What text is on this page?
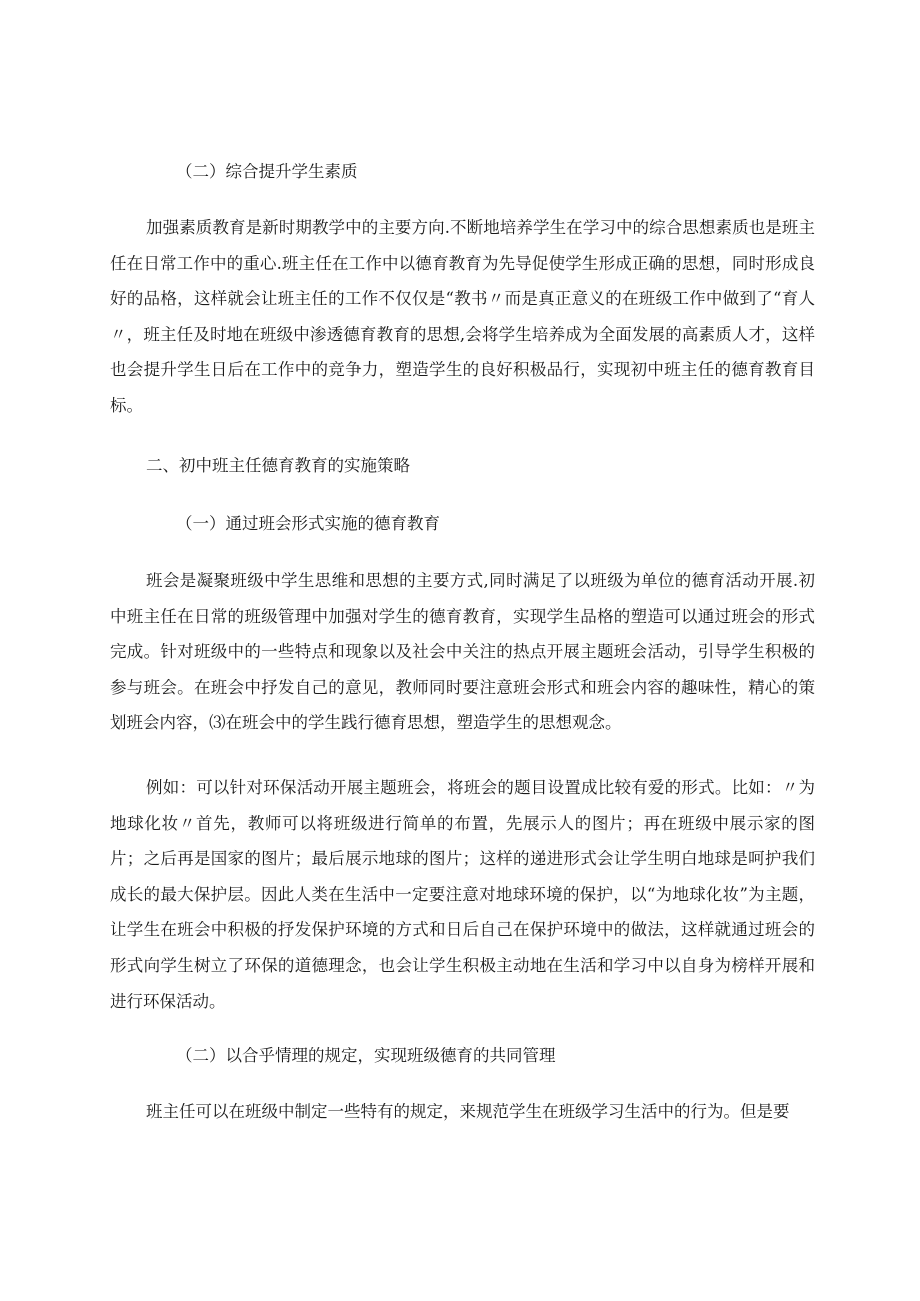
（二）综合提升学生素质

加强素质教育是新时期教学中的主要方向.不断地培养学生在学习中的综合思想素质也是班主任在日常工作中的重心.班主任在工作中以德育教育为先导促使学生形成正确的思想，同时形成良好的品格，这样就会让班主任的工作不仅仅是“教书〃而是真正意义的在班级工作中做到了“育人〃，班主任及时地在班级中渗透德育教育的思想,会将学生培养成为全面发展的高素质人才，这样也会提升学生日后在工作中的竞争力，塑造学生的良好积极品行，实现初中班主任的德育教育目标。

二、初中班主任德育教育的实施策略
（一）通过班会形式实施的德育教育

班会是凝聚班级中学生思维和思想的主要方式,同时满足了以班级为单位的德育活动开展.初中班主任在日常的班级管理中加强对学生的德育教育，实现学生品格的塑造可以通过班会的形式完成。针对班级中的一些特点和现象以及社会中关注的热点开展主题班会活动，引导学生积极的参与班会。在班会中抒发自己的意见，教师同时要注意班会形式和班会内容的趣味性，精心的策划班会内容，⑶在班会中的学生践行德育思想，塑造学生的思想观念。

例如：可以针对环保活动开展主题班会，将班会的题目设置成比较有爱的形式。比如：〃为地球化妆〃首先，教师可以将班级进行简单的布置，先展示人的图片；再在班级中展示家的图片；之后再是国家的图片；最后展示地球的图片；这样的递进形式会让学生明白地球是呵护我们成长的最大保护层。因此人类在生活中一定要注意对地球环境的保护，以“为地球化妆”为主题，让学生在班会中积极的抒发保护环境的方式和日后自己在保护环境中的做法，这样就通过班会的形式向学生树立了环保的道德理念，也会让学生积极主动地在生活和学习中以自身为榜样开展和进行环保活动。

（二）以合乎情理的规定，实现班级德育的共同管理

班主任可以在班级中制定一些特有的规定，来规范学生在班级学习生活中的行为。但是要
